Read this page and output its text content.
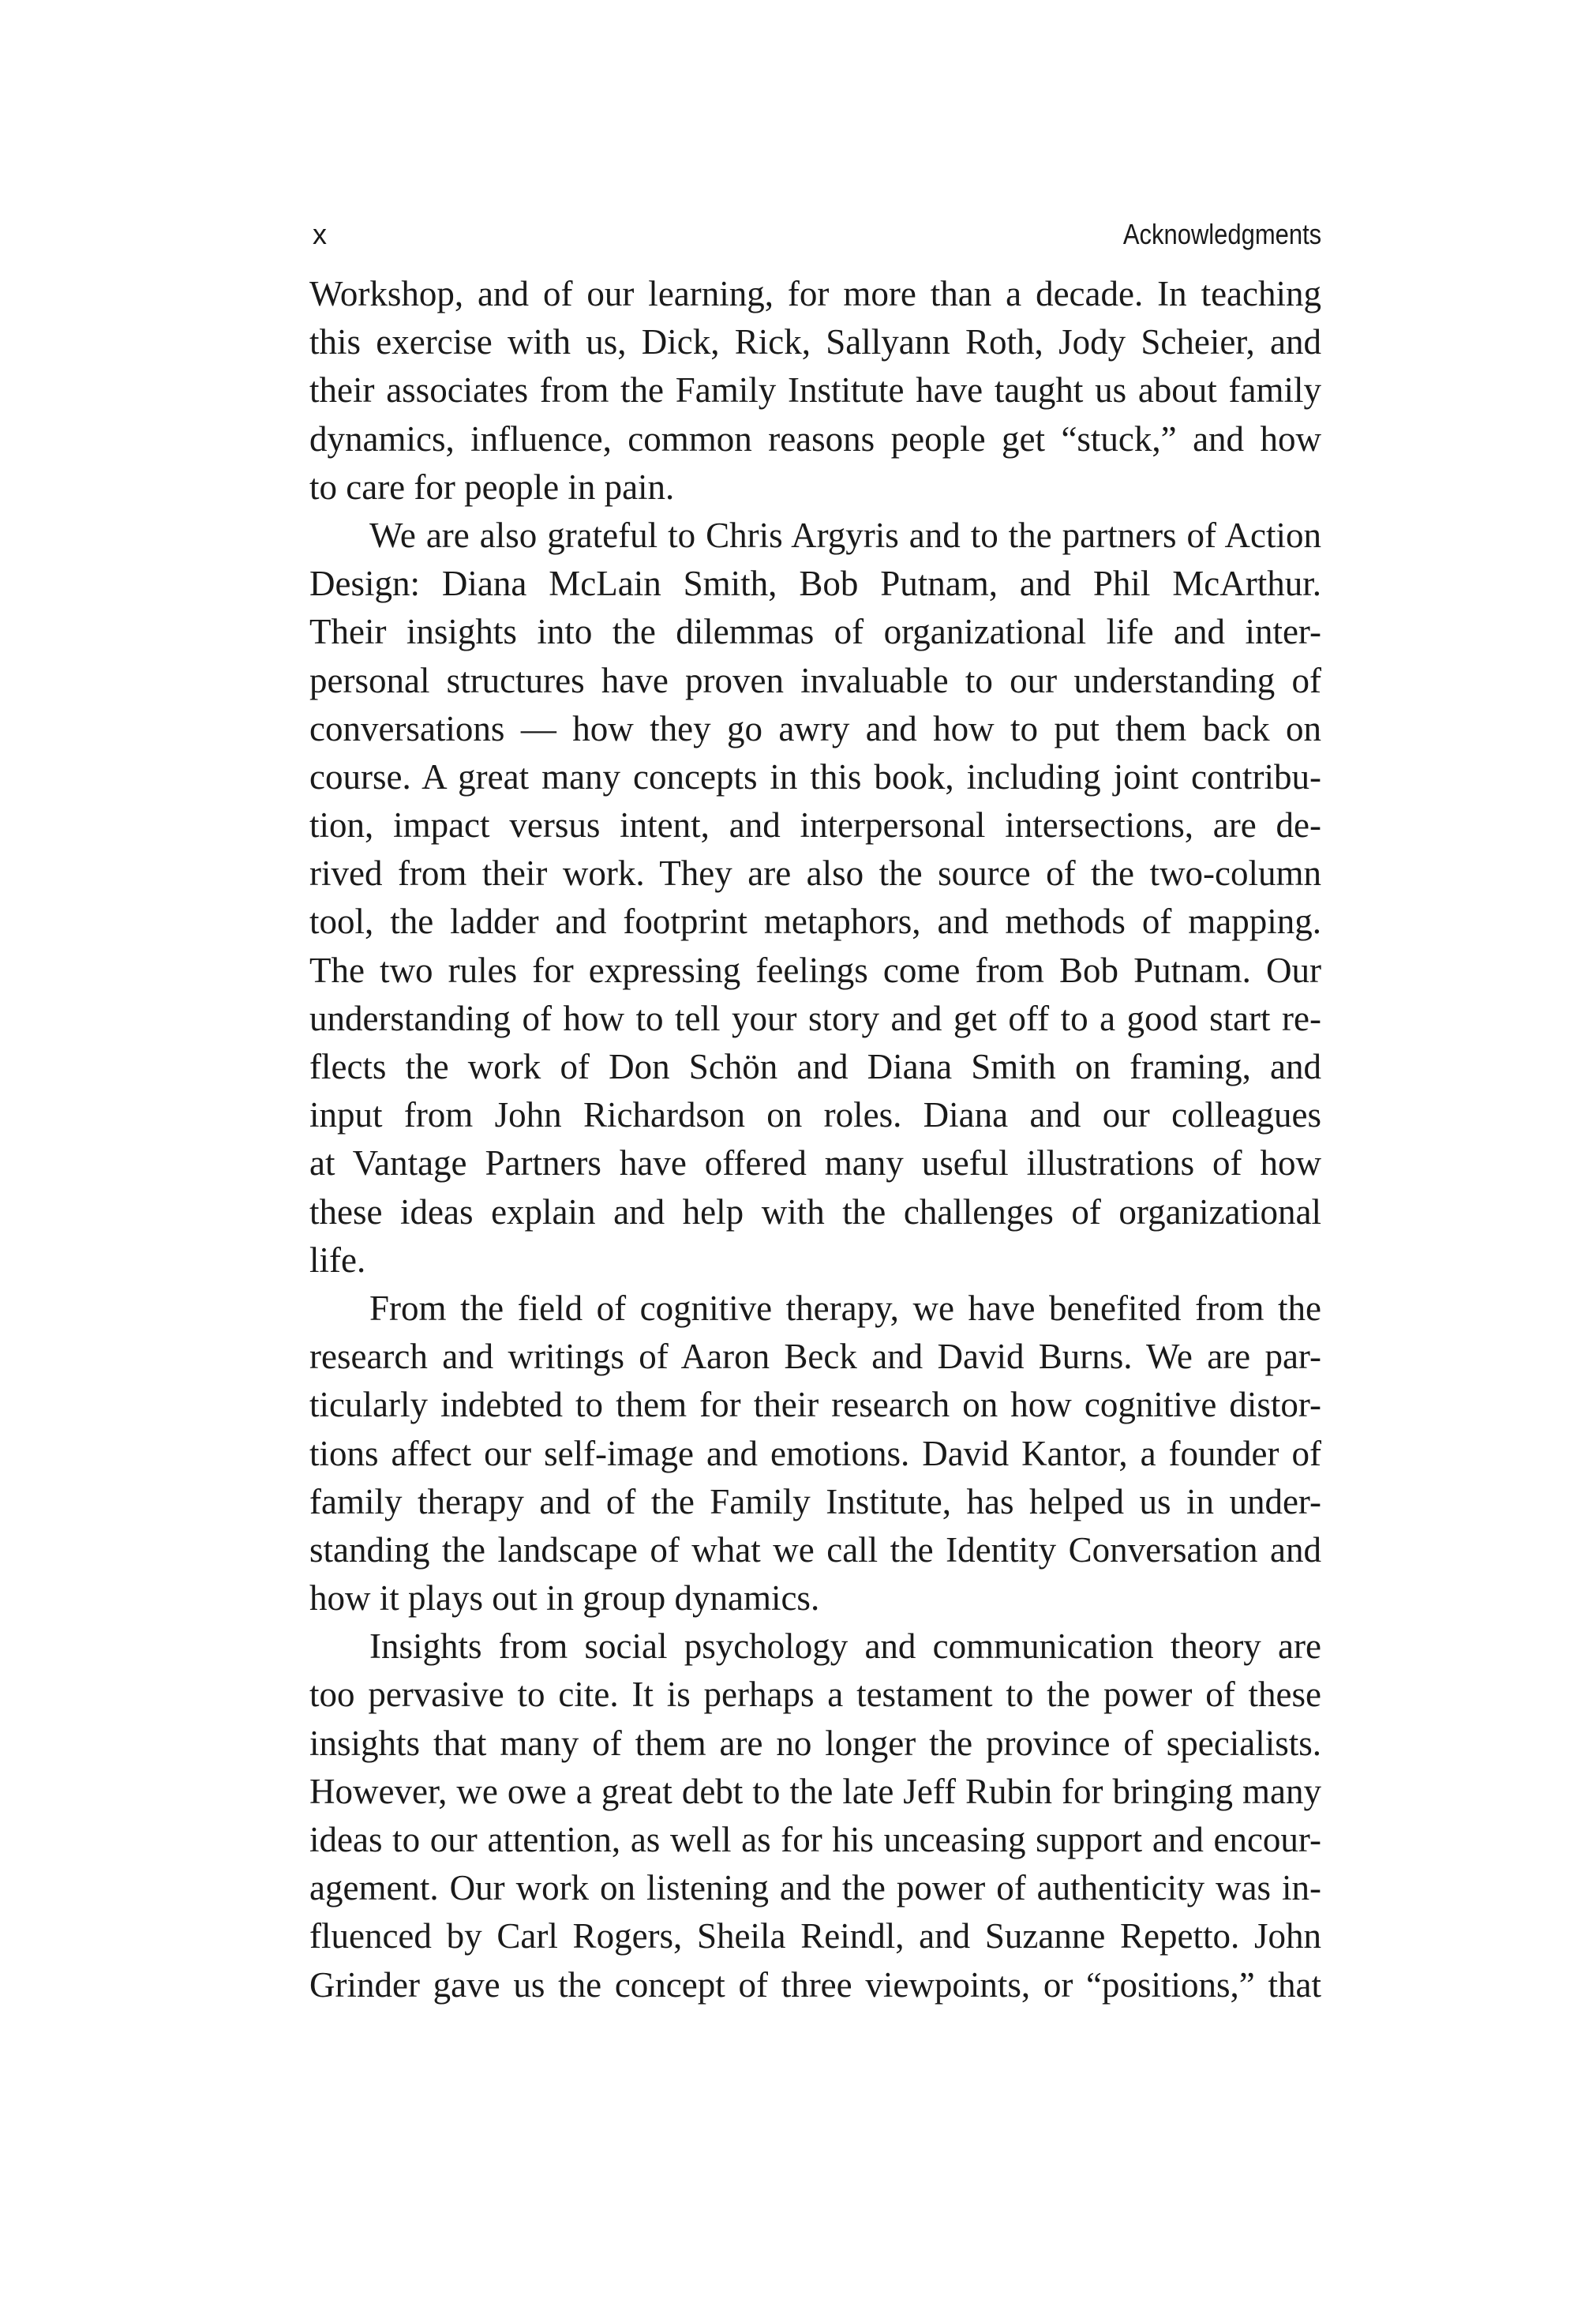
x	Acknowledgments
Workshop, and of our learning, for more than a decade. In teaching
this exercise with us, Dick, Rick, Sallyann Roth, Jody Scheier, and
their associates from the Family Institute have taught us about family
dynamics, influence, common reasons people get “stuck,” and how
to care for people in pain.
We are also grateful to Chris Argyris and to the partners of Action
Design: Diana McLain Smith, Bob Putnam, and Phil McArthur.
Their insights into the dilemmas of organizational life and inter-
personal structures have proven invaluable to our understanding of
conversations — how they go awry and how to put them back on
course. A great many concepts in this book, including joint contribu-
tion, impact versus intent, and interpersonal intersections, are de-
rived from their work. They are also the source of the two-column
tool, the ladder and footprint metaphors, and methods of mapping.
The two rules for expressing feelings come from Bob Putnam. Our
understanding of how to tell your story and get off to a good start re-
flects the work of Don Schön and Diana Smith on framing, and
input from John Richardson on roles. Diana and our colleagues
at Vantage Partners have offered many useful illustrations of how
these ideas explain and help with the challenges of organizational
life.
From the field of cognitive therapy, we have benefited from the
research and writings of Aaron Beck and David Burns. We are par-
ticularly indebted to them for their research on how cognitive distor-
tions affect our self-image and emotions. David Kantor, a founder of
family therapy and of the Family Institute, has helped us in under-
standing the landscape of what we call the Identity Conversation and
how it plays out in group dynamics.
Insights from social psychology and communication theory are
too pervasive to cite. It is perhaps a testament to the power of these
insights that many of them are no longer the province of specialists.
However, we owe a great debt to the late Jeff Rubin for bringing many
ideas to our attention, as well as for his unceasing support and encour-
agement. Our work on listening and the power of authenticity was in-
fluenced by Carl Rogers, Sheila Reindl, and Suzanne Repetto. John
Grinder gave us the concept of three viewpoints, or “positions,” that
